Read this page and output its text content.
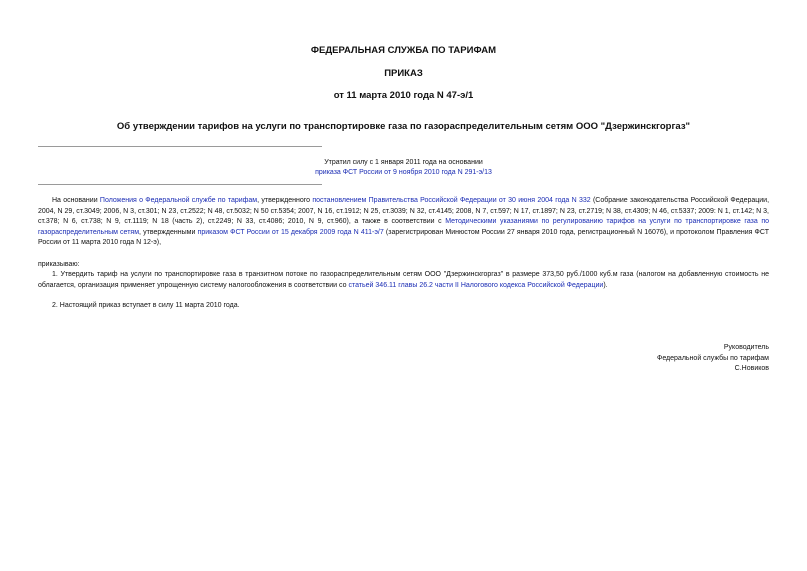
ФЕДЕРАЛЬНАЯ СЛУЖБА ПО ТАРИФАМ
ПРИКАЗ
от 11 марта 2010 года N 47-э/1
Об утверждении тарифов на услуги по транспортировке газа по газораспределительным сетям ООО "Дзержинскгоргаз"
Утратил силу с 1 января 2011 года на основании
приказа ФСТ России от 9 ноября 2010 года N 291-э/13
На основании Положения о Федеральной службе по тарифам, утвержденного постановлением Правительства Российской Федерации от 30 июня 2004 года N 332 (Собрание законодательства Российской Федерации, 2004, N 29, ст.3049; 2006, N 3, ст.301; N 23, ст.2522; N 48, ст.5032; N 50 ст.5354; 2007, N 16, ст.1912; N 25, ст.3039; N 32, ст.4145; 2008, N 7, ст.597; N 17, ст.1897; N 23, ст.2719; N 38, ст.4309; N 46, ст.5337; 2009: N 1, ст.142; N 3, ст.378; N 6, ст.738; N 9, ст.1119; N 18 (часть 2), ст.2249; N 33, ст.4086; 2010, N 9, ст.960), а также в соответствии с Методическими указаниями по регулированию тарифов на услуги по транспортировке газа по газораспределительным сетям, утвержденными приказом ФСТ России от 15 декабря 2009 года N 411-э/7 (зарегистрирован Минюстом России 27 января 2010 года, регистрационный N 16076), и протоколом Правления ФСТ России от 11 марта 2010 года N 12-э),
приказываю:
1. Утвердить тариф на услуги по транспортировке газа в транзитном потоке по газораспределительным сетям ООО "Дзержинскгоргаз" в размере 373,50 руб./1000 куб.м газа (налогом на добавленную стоимость не облагается, организация применяет упрощенную систему налогообложения в соответствии со статьей 346.11 главы 26.2 части II Налогового кодекса Российской Федерации).
2. Настоящий приказ вступает в силу 11 марта 2010 года.
Руководитель
Федеральной службы по тарифам
С.Новиков
